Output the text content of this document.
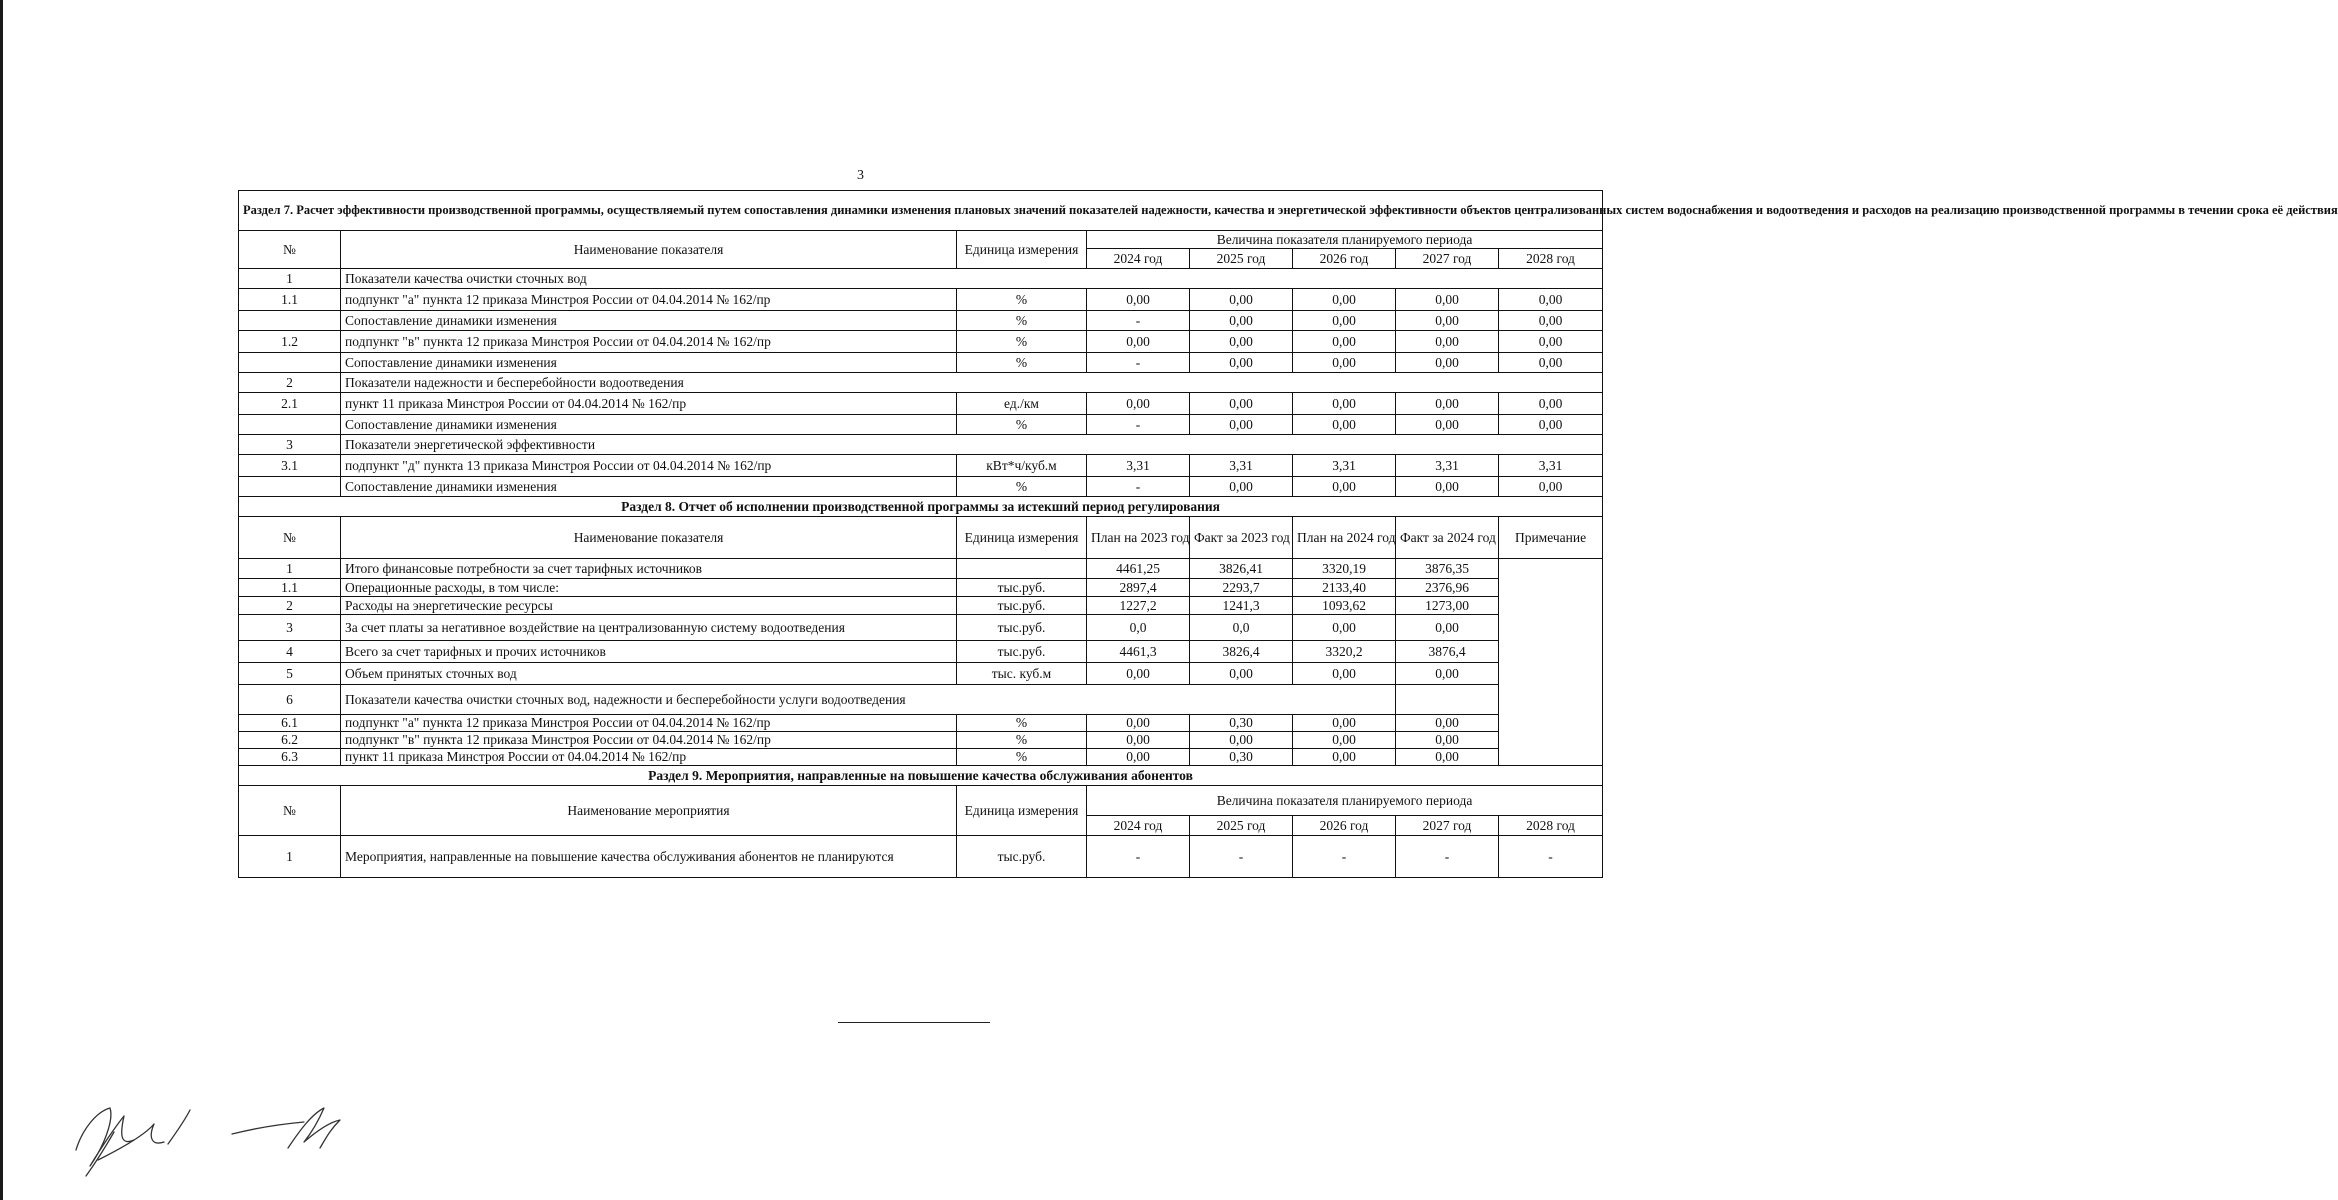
3
Раздел 7. Расчет эффективности производственной программы, осуществляемый путем сопоставления динамики изменения плановых значений показателей надежности, качества и энергетической эффективности объектов централизованных систем водоснабжения и водоотведения и расходов на реализацию производственной программы в течении срока её действия							
№	Наименование показателя	Единица измерения	Величина показателя планируемого периода				
			2024 год	2025 год	2026 год	2027 год	2028 год
1	Показатели качества очистки сточных вод						
1.1	подпункт "а" пункта 12 приказа Минстроя России от 04.04.2014 № 162/пр	%	0,00	0,00	0,00	0,00	0,00
	Сопоставление динамики изменения	%	-	0,00	0,00	0,00	0,00
1.2	подпункт "в" пункта 12 приказа Минстроя России от 04.04.2014 № 162/пр	%	0,00	0,00	0,00	0,00	0,00
	Сопоставление динамики изменения	%	-	0,00	0,00	0,00	0,00
2	Показатели надежности и бесперебойности водоотведения						
2.1	пункт 11 приказа Минстроя России от 04.04.2014 № 162/пр	ед./км	0,00	0,00	0,00	0,00	0,00
	Сопоставление динамики изменения	%	-	0,00	0,00	0,00	0,00
3	Показатели энергетической эффективности						
3.1	подпункт "д" пункта 13 приказа Минстроя России от 04.04.2014 № 162/пр	кВт*ч/куб.м	3,31	3,31	3,31	3,31	3,31
	Сопоставление динамики изменения	%	-	0,00	0,00	0,00	0,00
Раздел 8. Отчет об исполнении производственной программы за истекший период регулирования							
№	Наименование показателя	Единица измерения	План на 2023 год	Факт за 2023 год	План на 2024 год	Факт за 2024 год	Примечание
1	Итого финансовые потребности за счет тарифных источников		4461,25	3826,41	3320,19	3876,35	
1.1	Операционные расходы, в том числе:	тыс.руб.	2897,4	2293,7	2133,40	2376,96	
2	Расходы на энергетические ресурсы	тыс.руб.	1227,2	1241,3	1093,62	1273,00	
3	За счет платы за негативное воздействие на централизованную систему водоотведения	тыс.руб.	0,0	0,0	0,00	0,00	
4	Всего за счет тарифных и прочих источников	тыс.руб.	4461,3	3826,4	3320,2	3876,4	
5	Объем принятых сточных вод	тыс. куб.м	0,00	0,00	0,00	0,00	
6	Показатели качества очистки сточных вод, надежности и бесперебойности услуги водоотведения						
6.1	подпункт "а" пункта 12 приказа Минстроя России от 04.04.2014 № 162/пр	%	0,00	0,30	0,00	0,00	
6.2	подпункт "в" пункта 12 приказа Минстроя России от 04.04.2014 № 162/пр	%	0,00	0,00	0,00	0,00	
6.3	пункт 11 приказа Минстроя России от 04.04.2014 № 162/пр	%	0,00	0,30	0,00	0,00	
Раздел 9. Мероприятия, направленные на повышение качества обслуживания абонентов							
№	Наименование мероприятия	Единица измерения	Величина показателя планируемого периода				
			2024 год	2025 год	2026 год	2027 год	2028 год
1	Мероприятия, направленные на повышение качества обслуживания абонентов не планируются	тыс.руб.	-	-	-	-	-
